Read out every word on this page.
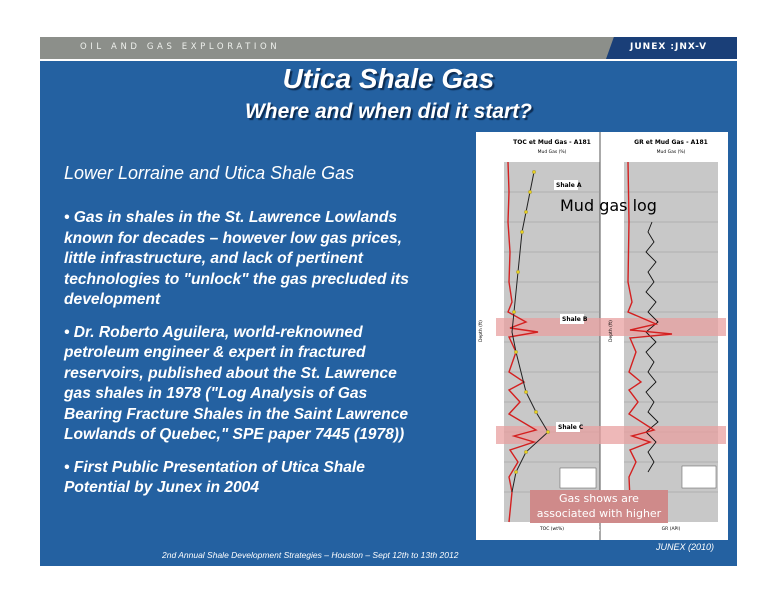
OIL AND GAS EXPLORATION	JUNEX :JNX-V
Utica Shale Gas
Where and when did it start?
Lower Lorraine and Utica Shale Gas
• Gas in shales in the St. Lawrence Lowlands known for decades – however low gas prices, little infrastructure, and lack of pertinent technologies to "unlock" the gas precluded its development
• Dr. Roberto Aguilera, world-reknowned petroleum engineer & expert in fractured reservoirs, published about the St. Lawrence gas shales in 1978 ("Log Analysis of Gas Bearing Fracture Shales in the Saint Lawrence Lowlands of Quebec," SPE paper 7445 (1978))
• First Public Presentation of Utica Shale Potential by Junex in 2004
TOC et Mud Gas - A181	GR et Mud Gas - A181
Mud Gas (%)	Mud Gas (%)
TOC (wt%)	GR (API)
Depth (ft)	Depth (ft)
Shale A
Shale B
Shale C
Mud gas log
Gas shows are associated with higher TOC shales
JUNEX (2010)
2nd Annual Shale Development Strategies – Houston – Sept 12th to 13th 2012
